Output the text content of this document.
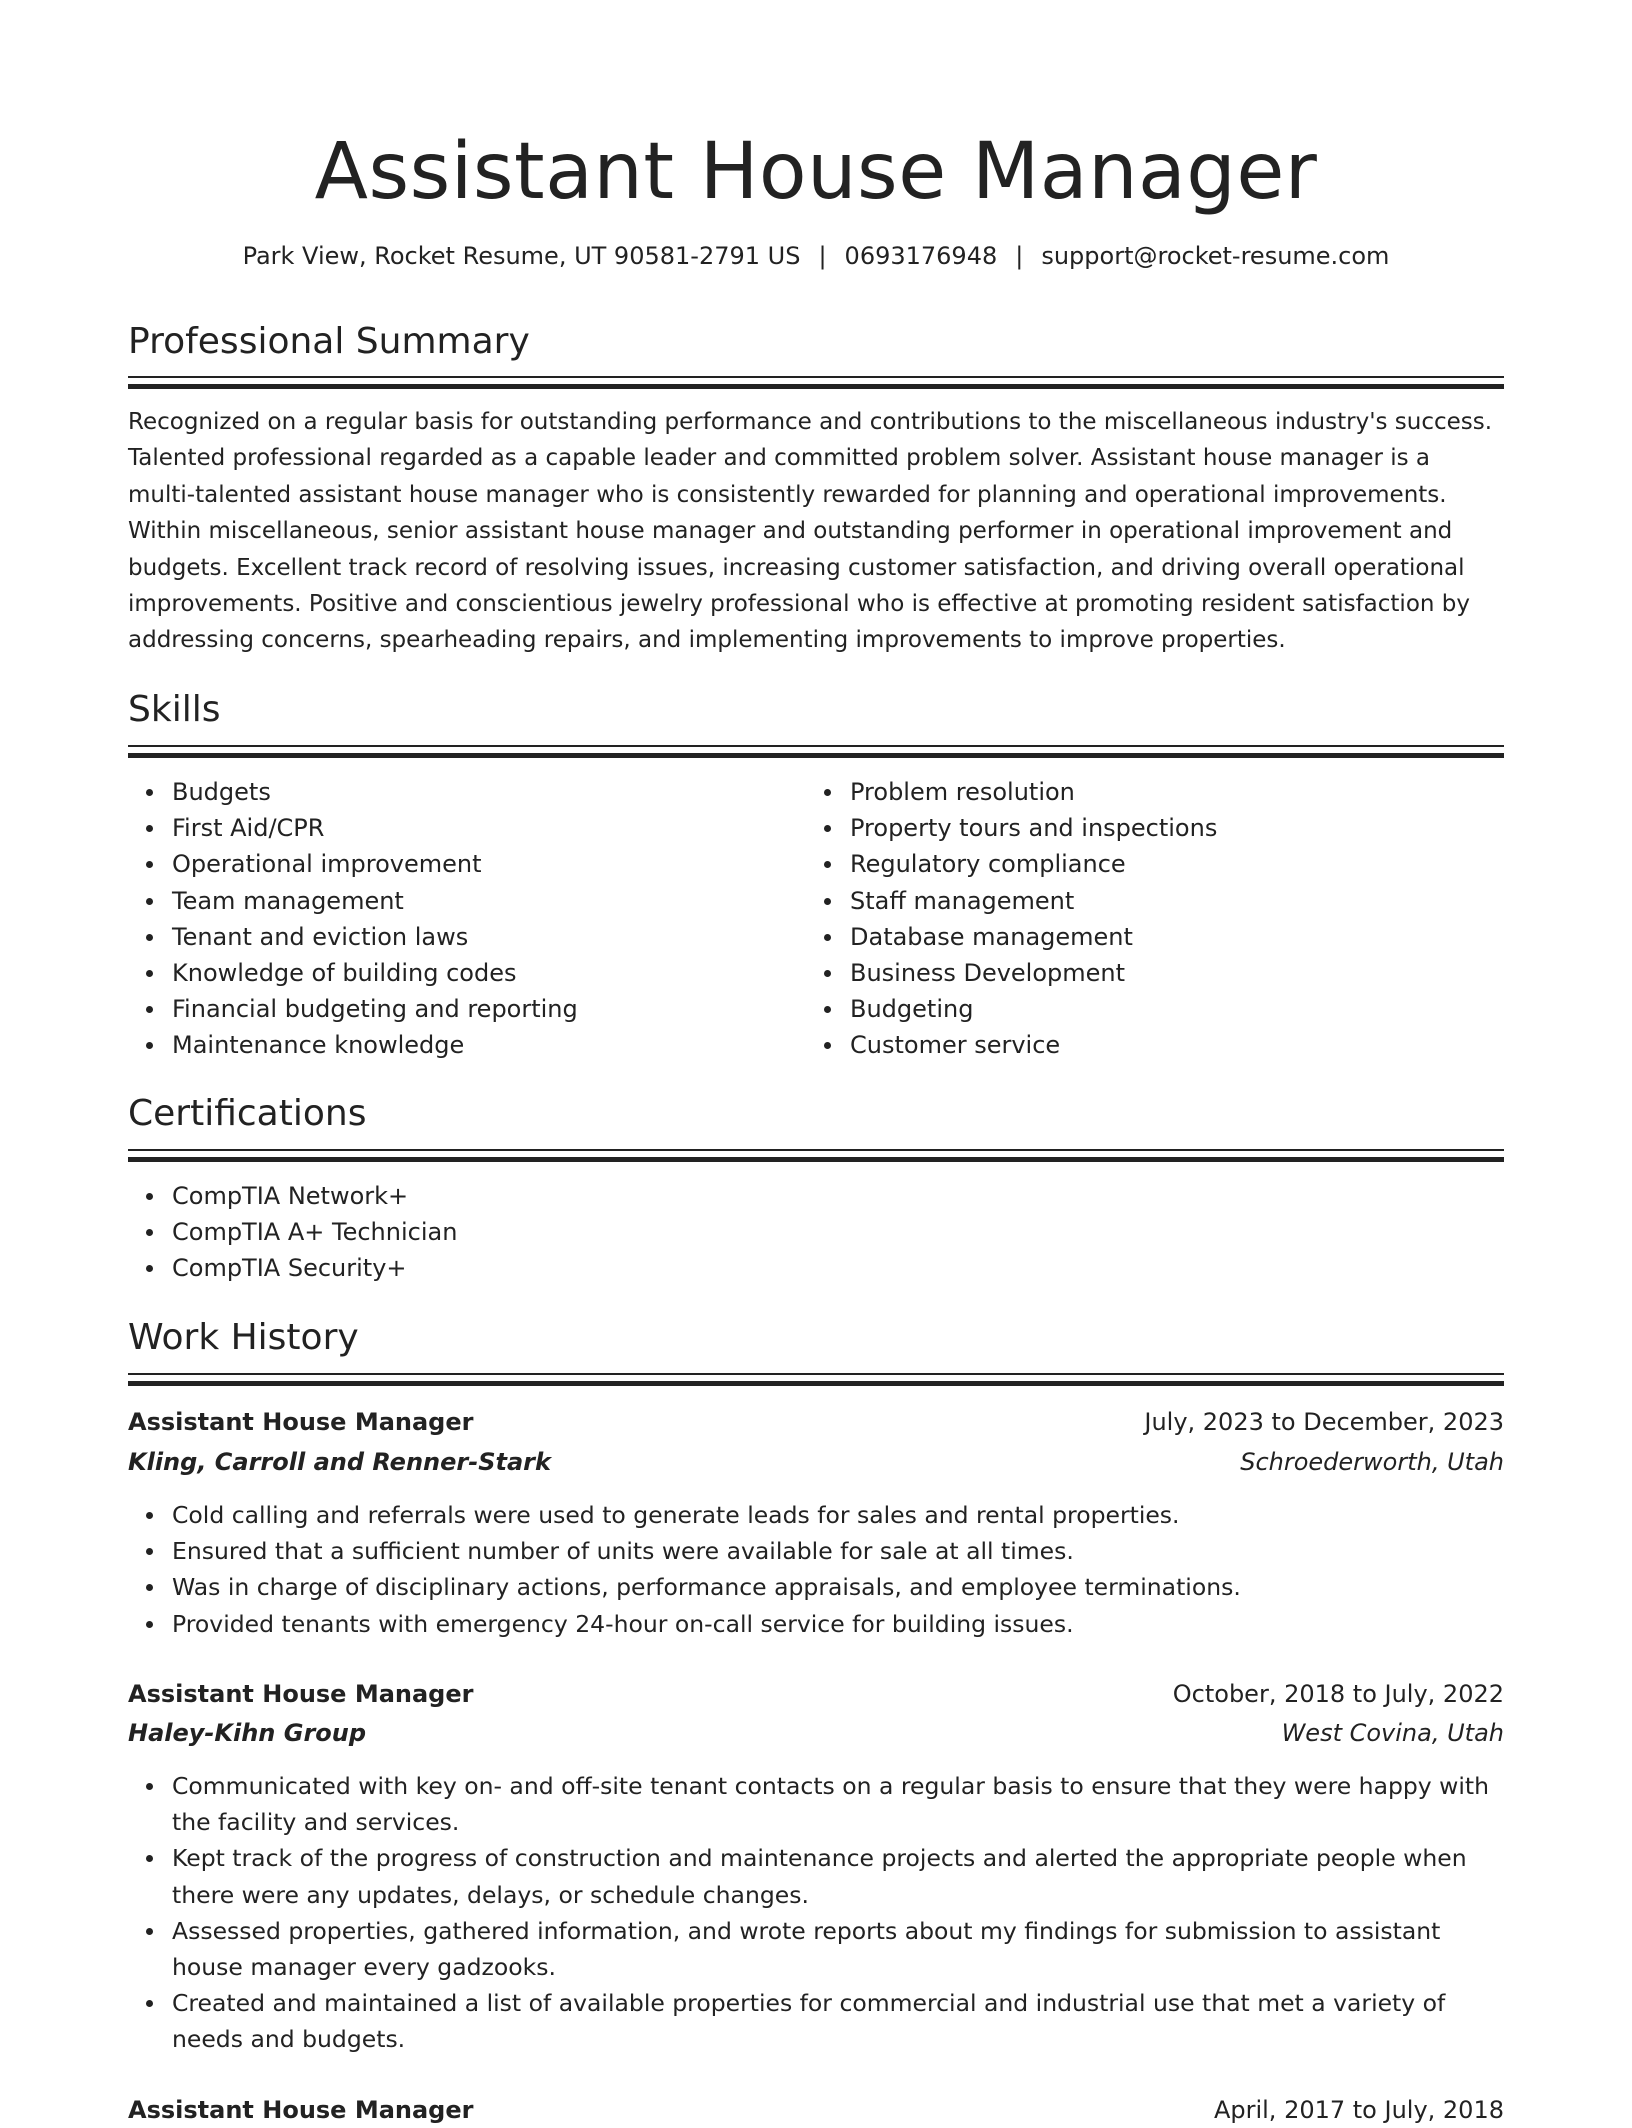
Assistant House Manager
Park View, Rocket Resume, UT 90581-2791 US | 0693176948 | support@rocket-resume.com
Professional Summary

Recognized on a regular basis for outstanding performance and contributions to the miscellaneous industry's success. Talented professional regarded as a capable leader and committed problem solver. Assistant house manager is a multi-talented assistant house manager who is consistently rewarded for planning and operational improvements. Within miscellaneous, senior assistant house manager and outstanding performer in operational improvement and budgets. Excellent track record of resolving issues, increasing customer satisfaction, and driving overall operational improvements. Positive and conscientious jewelry professional who is effective at promoting resident satisfaction by addressing concerns, spearheading repairs, and implementing improvements to improve properties.

Skills
Budgets
First Aid/CPR
Operational improvement
Team management
Tenant and eviction laws
Knowledge of building codes
Financial budgeting and reporting
Maintenance knowledge
Problem resolution
Property tours and inspections
Regulatory compliance
Staff management
Database management
Business Development
Budgeting
Customer service
Certifications
CompTIA Network+
CompTIA A+ Technician
CompTIA Security+
Work History
Assistant House Manager	July, 2023 to December, 2023
Kling, Carroll and Renner-Stark	Schroederworth, Utah
Cold calling and referrals were used to generate leads for sales and rental properties.
Ensured that a sufficient number of units were available for sale at all times.
Was in charge of disciplinary actions, performance appraisals, and employee terminations.
Provided tenants with emergency 24-hour on-call service for building issues.
Assistant House Manager	October, 2018 to July, 2022
Haley-Kihn Group	West Covina, Utah
Communicated with key on- and off-site tenant contacts on a regular basis to ensure that they were happy with the facility and services.
Kept track of the progress of construction and maintenance projects and alerted the appropriate people when there were any updates, delays, or schedule changes.
Assessed properties, gathered information, and wrote reports about my findings for submission to assistant house manager every gadzooks.
Created and maintained a list of available properties for commercial and industrial use that met a variety of needs and budgets.
Assistant House Manager	April, 2017 to July, 2018
